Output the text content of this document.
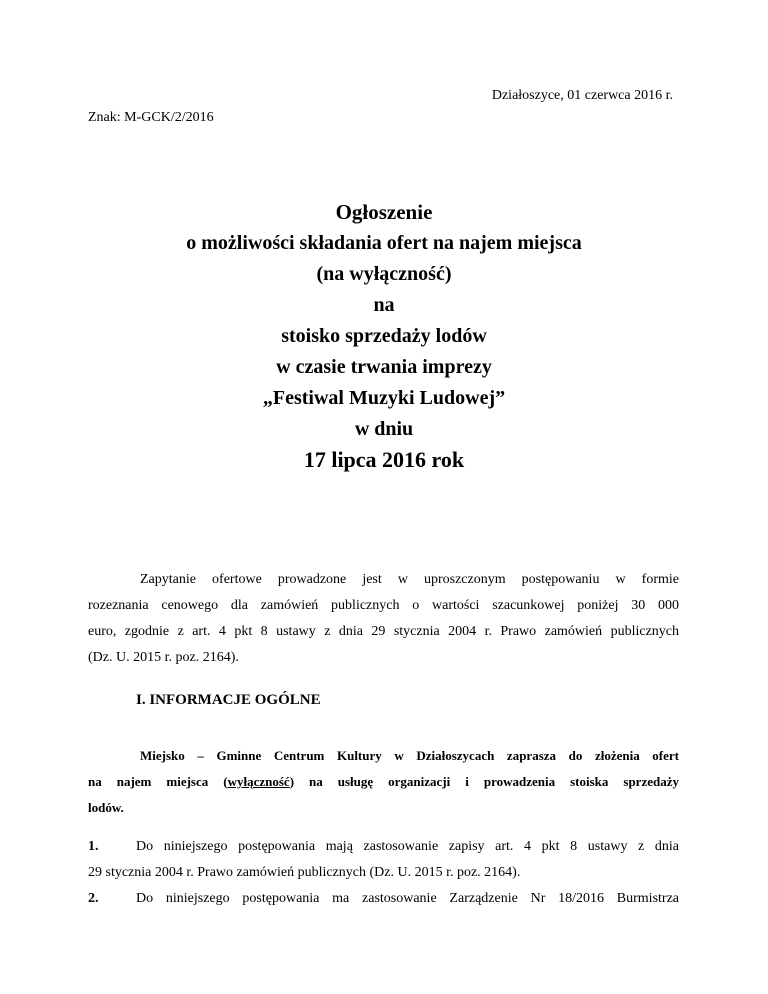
Działoszyce, 01 czerwca 2016 r.
Znak: M-GCK/2/2016
Ogłoszenie
o możliwości składania ofert na najem miejsca
(na wyłączność)
na
stoisko sprzedaży lodów
w czasie trwania imprezy
„Festiwal Muzyki Ludowej”
w dniu
17 lipca 2016 rok
Zapytanie ofertowe prowadzone jest w uproszczonym postępowaniu w formie
rozeznania cenowego dla zamówień publicznych o wartości szacunkowej poniżej 30 000
euro, zgodnie z art. 4 pkt 8 ustawy z dnia 29 stycznia 2004 r. Prawo zamówień publicznych
(Dz. U. 2015 r. poz. 2164).
I. INFORMACJE OGÓLNE
Miejsko – Gminne Centrum Kultury w Działoszycach zaprasza do złożenia ofert
na najem miejsca (wyłączność) na usługę organizacji i prowadzenia stoiska sprzedaży
lodów.
1.	Do niniejszego postępowania mają zastosowanie zapisy art. 4 pkt 8 ustawy z dnia
29 stycznia 2004 r. Prawo zamówień publicznych (Dz. U. 2015 r. poz. 2164).
2.	Do niniejszego postępowania ma zastosowanie Zarządzenie Nr 18/2016 Burmistrza
